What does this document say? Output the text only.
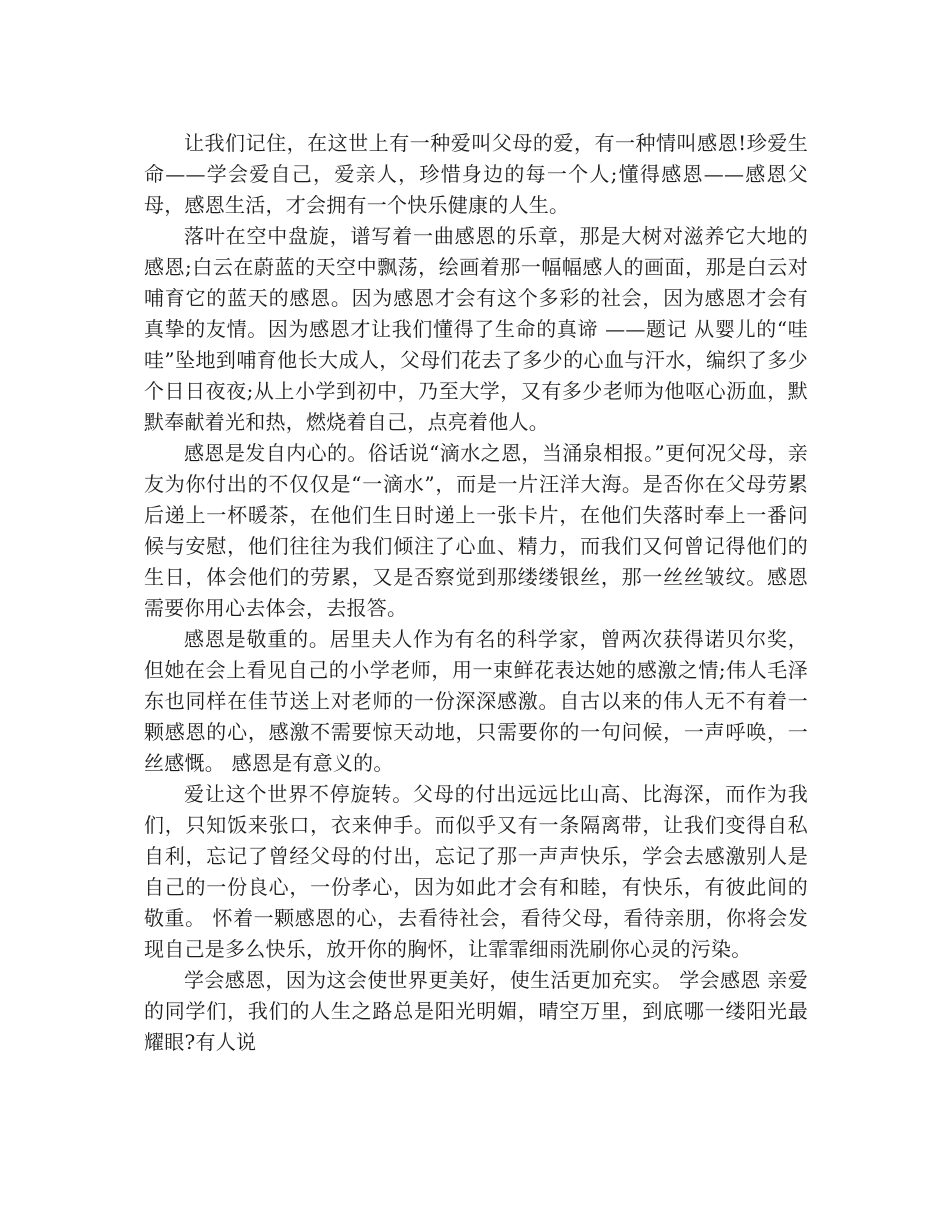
让我们记住，在这世上有一种爱叫父母的爱，有一种情叫感恩!珍爱生命——学会爱自己，爱亲人，珍惜身边的每一个人;懂得感恩——感恩父母，感恩生活，才会拥有一个快乐健康的人生。

落叶在空中盘旋，谱写着一曲感恩的乐章，那是大树对滋养它大地的感恩;白云在蔚蓝的天空中飘荡，绘画着那一幅幅感人的画面，那是白云对哺育它的蓝天的感恩。因为感恩才会有这个多彩的社会，因为感恩才会有真挚的友情。因为感恩才让我们懂得了生命的真谛 ——题记 从婴儿的“哇哇”坠地到哺育他长大成人，父母们花去了多少的心血与汗水，编织了多少个日日夜夜;从上小学到初中，乃至大学，又有多少老师为他呕心沥血，默默奉献着光和热，燃烧着自己，点亮着他人。

感恩是发自内心的。俗话说“滴水之恩，当涌泉相报。”更何况父母，亲友为你付出的不仅仅是“一滴水”，而是一片汪洋大海。是否你在父母劳累后递上一杯暖茶，在他们生日时递上一张卡片，在他们失落时奉上一番问候与安慰，他们往往为我们倾注了心血、精力，而我们又何曾记得他们的生日，体会他们的劳累，又是否察觉到那缕缕银丝，那一丝丝皱纹。感恩需要你用心去体会，去报答。

感恩是敬重的。居里夫人作为有名的科学家，曾两次获得诺贝尔奖，但她在会上看见自己的小学老师，用一束鲜花表达她的感激之情;伟人毛泽东也同样在佳节送上对老师的一份深深感激。自古以来的伟人无不有着一颗感恩的心，感激不需要惊天动地，只需要你的一句问候，一声呼唤，一丝感慨。 感恩是有意义的。

爱让这个世界不停旋转。父母的付出远远比山高、比海深，而作为我们，只知饭来张口，衣来伸手。而似乎又有一条隔离带，让我们变得自私自利，忘记了曾经父母的付出，忘记了那一声声快乐，学会去感激别人是自己的一份良心，一份孝心，因为如此才会有和睦，有快乐，有彼此间的敬重。 怀着一颗感恩的心，去看待社会，看待父母，看待亲朋，你将会发现自己是多么快乐，放开你的胸怀，让霏霏细雨洗刷你心灵的污染。

学会感恩，因为这会使世界更美好，使生活更加充实。 学会感恩 亲爱的同学们，我们的人生之路总是阳光明媚，晴空万里，到底哪一缕阳光最耀眼?有人说
